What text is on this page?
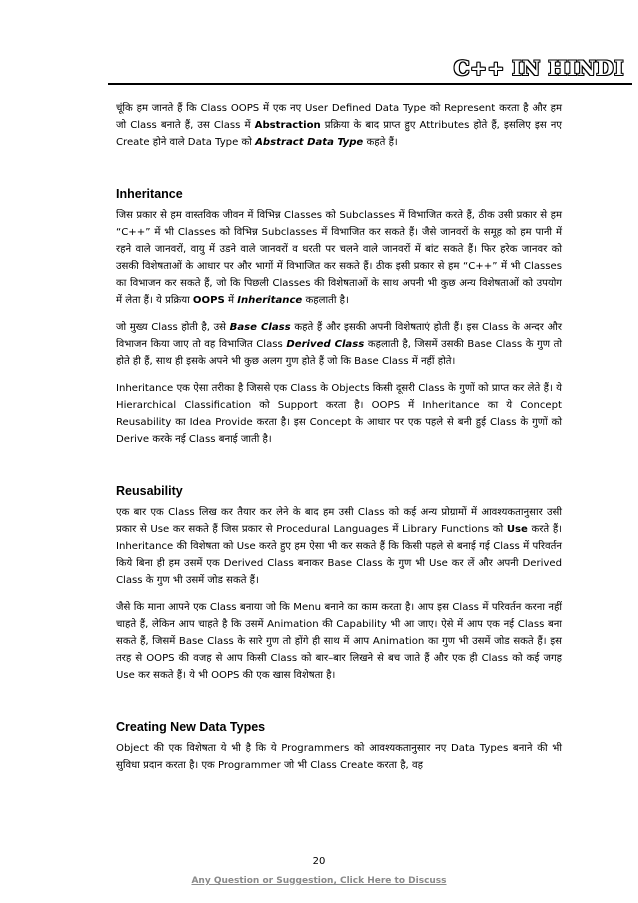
C++ IN HINDI

चूंकि हम जानते हैं कि Class OOPS में एक नए User Defined Data Type को Represent करता है और हम जो Class बनाते हैं, उस Class में Abstraction प्रक्रिया के बाद प्राप्त हुए Attributes होते हैं, इसलिए इस नए Create होने वाले Data Type को Abstract Data Type कहते हैं।

Inheritance

जिस प्रकार से हम वास्तविक जीवन में विभिन्न Classes को Subclasses में विभाजित करते हैं, ठीक उसी प्रकार से हम “C++” में भी Classes को विभिन्न Subclasses में विभाजित कर सकते हैं। जैसे जानवरों के समूह को हम पानी में रहने वाले जानवरों, वायु में उडने वाले जानवरों व धरती पर चलने वाले जानवरों में बांट सकते हैं। फिर हरेक जानवर को उसकी विशेषताओं के आधार पर और भागों में विभाजित कर सकते हैं। ठीक इसी प्रकार से हम “C++” में भी Classes का विभाजन कर सकते हैं, जो कि पिछली Classes की विशेषताओं के साथ अपनी भी कुछ अन्य विशेषताओं को उपयोग में लेता हैं। ये प्रक्रिया OOPS में Inheritance कहलाती है।

जो मुख्य Class होती है, उसे Base Class कहते हैं और इसकी अपनी विशेषताएं होती हैं। इस Class के अन्दर और विभाजन किया जाए तो वह विभाजित Class Derived Class कहलाती है, जिसमें उसकी Base Class के गुण तो होते ही हैं, साथ ही इसके अपने भी कुछ अलग गुण होते हैं जो कि Base Class में नहीं होते।

Inheritance एक ऐसा तरीका है जिससे एक Class के Objects किसी दूसरी Class के गुणों को प्राप्त कर लेते हैं। ये Hierarchical Classification को Support करता है। OOPS में Inheritance का ये Concept Reusability का Idea Provide करता है। इस Concept के आधार पर एक पहले से बनी हुई Class के गुणों को Derive करके नई Class बनाई जाती है।

Reusability

एक बार एक Class लिख कर तैयार कर लेने के बाद हम उसी Class को कई अन्य प्रोग्रामों में आवश्यकतानुसार उसी प्रकार से Use कर सकते हैं जिस प्रकार से Procedural Languages में Library Functions को Use करते हैं। Inheritance की विशेषता को Use करते हुए हम ऐसा भी कर सकते हैं कि किसी पहले से बनाई गई Class में परिवर्तन किये बिना ही हम उसमें एक Derived Class बनाकर Base Class के गुण भी Use कर लें और अपनी Derived Class के गुण भी उसमें जोड सकते हैं।

जैसे कि माना आपने एक Class बनाया जो कि Menu बनाने का काम करता है। आप इस Class में परिवर्तन करना नहीं चाहते हैं, लेकिन आप चाहते है कि उसमें Animation की Capability भी आ जाए। ऐसे में आप एक नई Class बना सकते हैं, जिसमें Base Class के सारे गुण तो होंगे ही साथ में आप Animation का गुण भी उसमें जोड सकते हैं। इस तरह से OOPS की वजह से आप किसी Class को बार–बार लिखने से बच जाते हैं और एक ही Class को कई जगह Use कर सकते हैं। ये भी OOPS की एक खास विशेषता है।

Creating New Data Types

Object की एक विशेषता ये भी है कि ये Programmers को आवश्यकतानुसार नए Data Types बनाने की भी सुविधा प्रदान करता है। एक Programmer जो भी Class Create करता है, वह

20
Any Question or Suggestion, Click Here to Discuss
